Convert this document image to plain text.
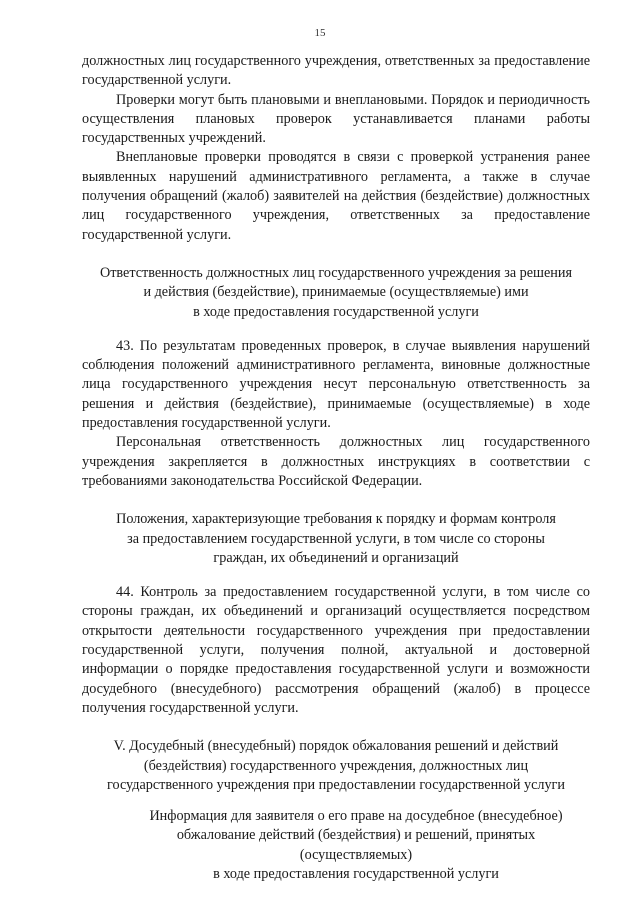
15

должностных лиц государственного учреждения, ответственных за предоставление государственной услуги.

Проверки могут быть плановыми и внеплановыми. Порядок и периодичность осуществления плановых проверок устанавливается планами работы государственных учреждений.

Внеплановые проверки проводятся в связи с проверкой устранения ранее выявленных нарушений административного регламента, а также в случае получения обращений (жалоб) заявителей на действия (бездействие) должностных лиц государственного учреждения, ответственных за предоставление государственной услуги.

Ответственность должностных лиц государственного учреждения за решения
и действия (бездействие), принимаемые (осуществляемые) ими
в ходе предоставления государственной услуги

43. По результатам проведенных проверок, в случае выявления нарушений соблюдения положений административного регламента, виновные должностные лица государственного учреждения несут персональную ответственность за решения и действия (бездействие), принимаемые (осуществляемые) в ходе предоставления государственной услуги.

Персональная ответственность должностных лиц государственного учреждения закрепляется в должностных инструкциях в соответствии с требованиями законодательства Российской Федерации.

Положения, характеризующие требования к порядку и формам контроля
за предоставлением государственной услуги, в том числе со стороны
граждан, их объединений и организаций

44. Контроль за предоставлением государственной услуги, в том числе со стороны граждан, их объединений и организаций осуществляется посредством открытости деятельности государственного учреждения при предоставлении государственной услуги, получения полной, актуальной и достоверной информации о порядке предоставления государственной услуги и возможности досудебного (внесудебного) рассмотрения обращений (жалоб) в процессе получения государственной услуги.

V. Досудебный (внесудебный) порядок обжалования решений и действий
(бездействия) государственного учреждения, должностных лиц
государственного учреждения при предоставлении государственной услуги

Информация для заявителя о его праве на досудебное (внесудебное)
обжалование действий (бездействия) и решений, принятых
(осуществляемых)
в ходе предоставления государственной услуги
